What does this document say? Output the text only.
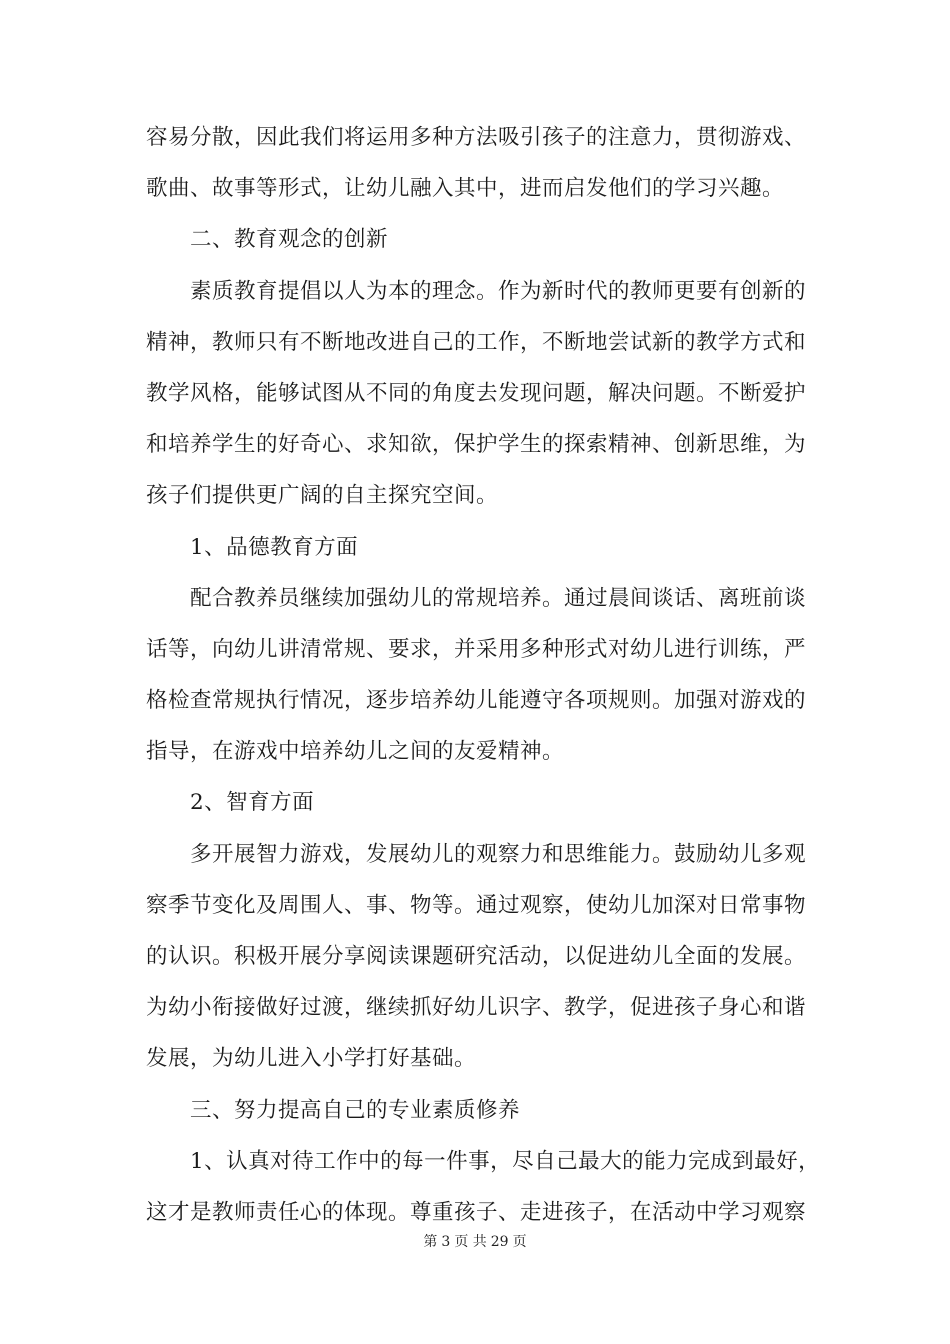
容易分散，因此我们将运用多种方法吸引孩子的注意力，贯彻游戏、
歌曲、故事等形式，让幼儿融入其中，进而启发他们的学习兴趣。
二、教育观念的创新
素质教育提倡以人为本的理念。作为新时代的教师更要有创新的
精神，教师只有不断地改进自己的工作，不断地尝试新的教学方式和
教学风格，能够试图从不同的角度去发现问题，解决问题。不断爱护
和培养学生的好奇心、求知欲，保护学生的探索精神、创新思维，为
孩子们提供更广阔的自主探究空间。
1、品德教育方面
配合教养员继续加强幼儿的常规培养。通过晨间谈话、离班前谈
话等，向幼儿讲清常规、要求，并采用多种形式对幼儿进行训练，严
格检查常规执行情况，逐步培养幼儿能遵守各项规则。加强对游戏的
指导，在游戏中培养幼儿之间的友爱精神。
2、智育方面
多开展智力游戏，发展幼儿的观察力和思维能力。鼓励幼儿多观
察季节变化及周围人、事、物等。通过观察，使幼儿加深对日常事物
的认识。积极开展分享阅读课题研究活动，以促进幼儿全面的发展。
为幼小衔接做好过渡，继续抓好幼儿识字、教学，促进孩子身心和谐
发展，为幼儿进入小学打好基础。
三、努力提高自己的专业素质修养
1、认真对待工作中的每一件事，尽自己最大的能力完成到最好，
这才是教师责任心的体现。尊重孩子、走进孩子，在活动中学习观察
第 3 页 共 29 页
